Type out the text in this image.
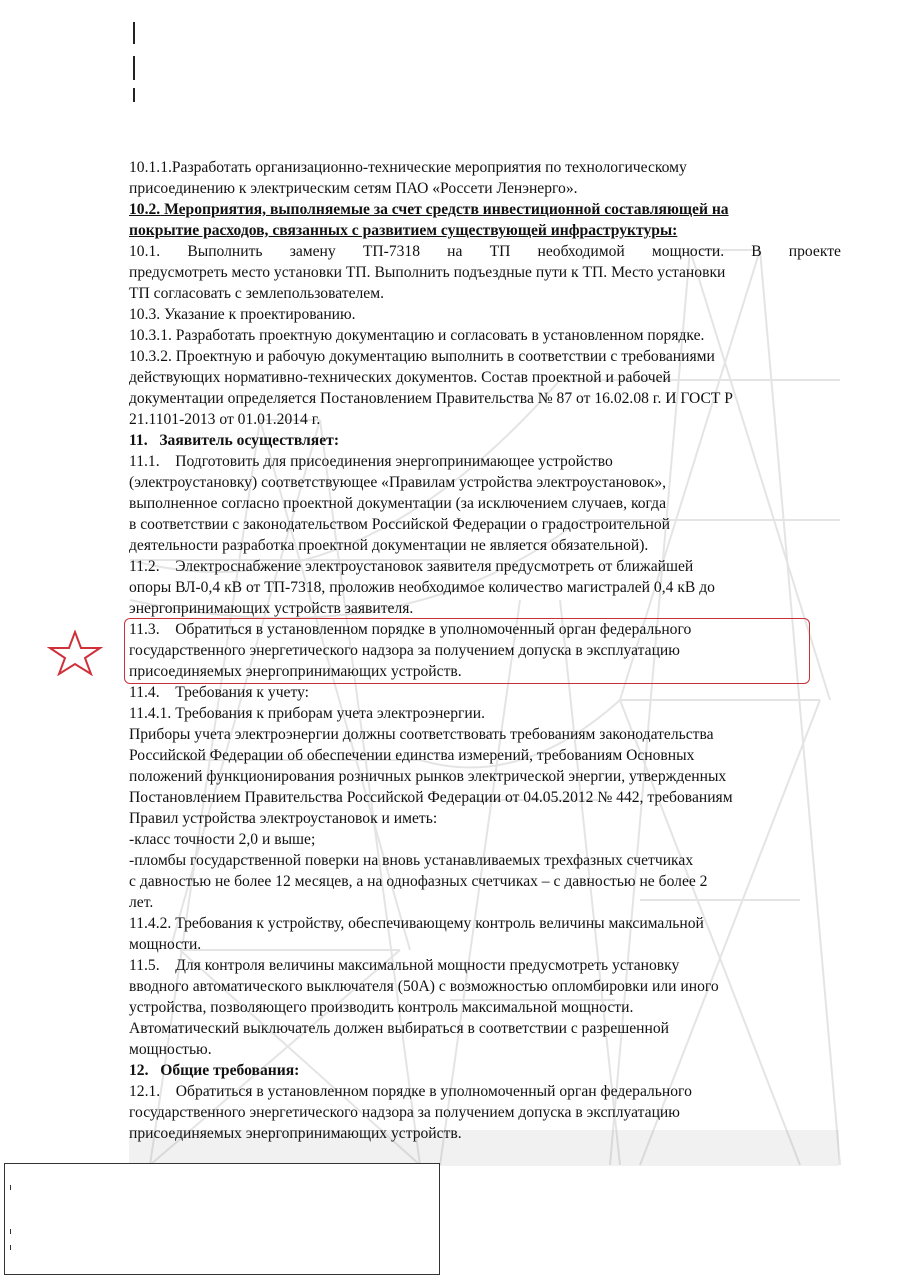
10.1.1.Разработать организационно-технические мероприятия по технологическому
присоединению к электрическим сетям ПАО «Россети Ленэнерго».
10.2. Мероприятия, выполняемые за счет средств инвестиционной составляющей на
покрытие расходов, связанных с развитием существующей инфраструктуры:
10.1. Выполнить замену ТП-7318 на ТП необходимой мощности. В проекте
предусмотреть место установки ТП. Выполнить подъездные пути к ТП. Место установки
ТП согласовать с землепользователем.
10.3. Указание к проектированию.
10.3.1. Разработать проектную документацию и согласовать в установленном порядке.
10.3.2. Проектную и рабочую документацию выполнить в соответствии с требованиями
действующих нормативно-технических документов. Состав проектной и рабочей
документации определяется Постановлением Правительства № 87 от 16.02.08 г. И ГОСТ Р
21.1101-2013 от 01.01.2014 г.
11.   Заявитель осуществляет:
11.1.    Подготовить для присоединения энергопринимающее устройство
(электроустановку) соответствующее «Правилам устройства электроустановок»,
выполненное согласно проектной документации (за исключением случаев, когда
в соответствии с законодательством Российской Федерации о градостроительной
деятельности разработка проектной документации не является обязательной).
11.2.    Электроснабжение электроустановок заявителя предусмотреть от ближайшей
опоры ВЛ-0,4 кВ от ТП-7318, проложив необходимое количество магистралей 0,4 кВ до
энергопринимающих устройств заявителя.
11.3.    Обратиться в установленном порядке в уполномоченный орган федерального
государственного энергетического надзора за получением допуска в эксплуатацию
присоединяемых энергопринимающих устройств.
11.4.    Требования к учету:
11.4.1. Требования к приборам учета электроэнергии.
Приборы учета электроэнергии должны соответствовать требованиям законодательства
Российской Федерации об обеспечении единства измерений, требованиям Основных
положений функционирования розничных рынков электрической энергии, утвержденных
Постановлением Правительства Российской Федерации от 04.05.2012 № 442, требованиям
Правил устройства электроустановок и иметь:
-класс точности 2,0 и выше;
-пломбы государственной поверки на вновь устанавливаемых трехфазных счетчиках
с давностью не более 12 месяцев, а на однофазных счетчиках – с давностью не более 2
лет.
11.4.2. Требования к устройству, обеспечивающему контроль величины максимальной
мощности.
11.5.    Для контроля величины максимальной мощности предусмотреть установку
вводного автоматического выключателя (50А) с возможностью опломбировки или иного
устройства, позволяющего производить контроль максимальной мощности.
Автоматический выключатель должен выбираться в соответствии с разрешенной
мощностью.
12.   Общие требования:
12.1.    Обратиться в установленном порядке в уполномоченный орган федерального
государственного энергетического надзора за получением допуска в эксплуатацию
присоединяемых энергопринимающих устройств.
